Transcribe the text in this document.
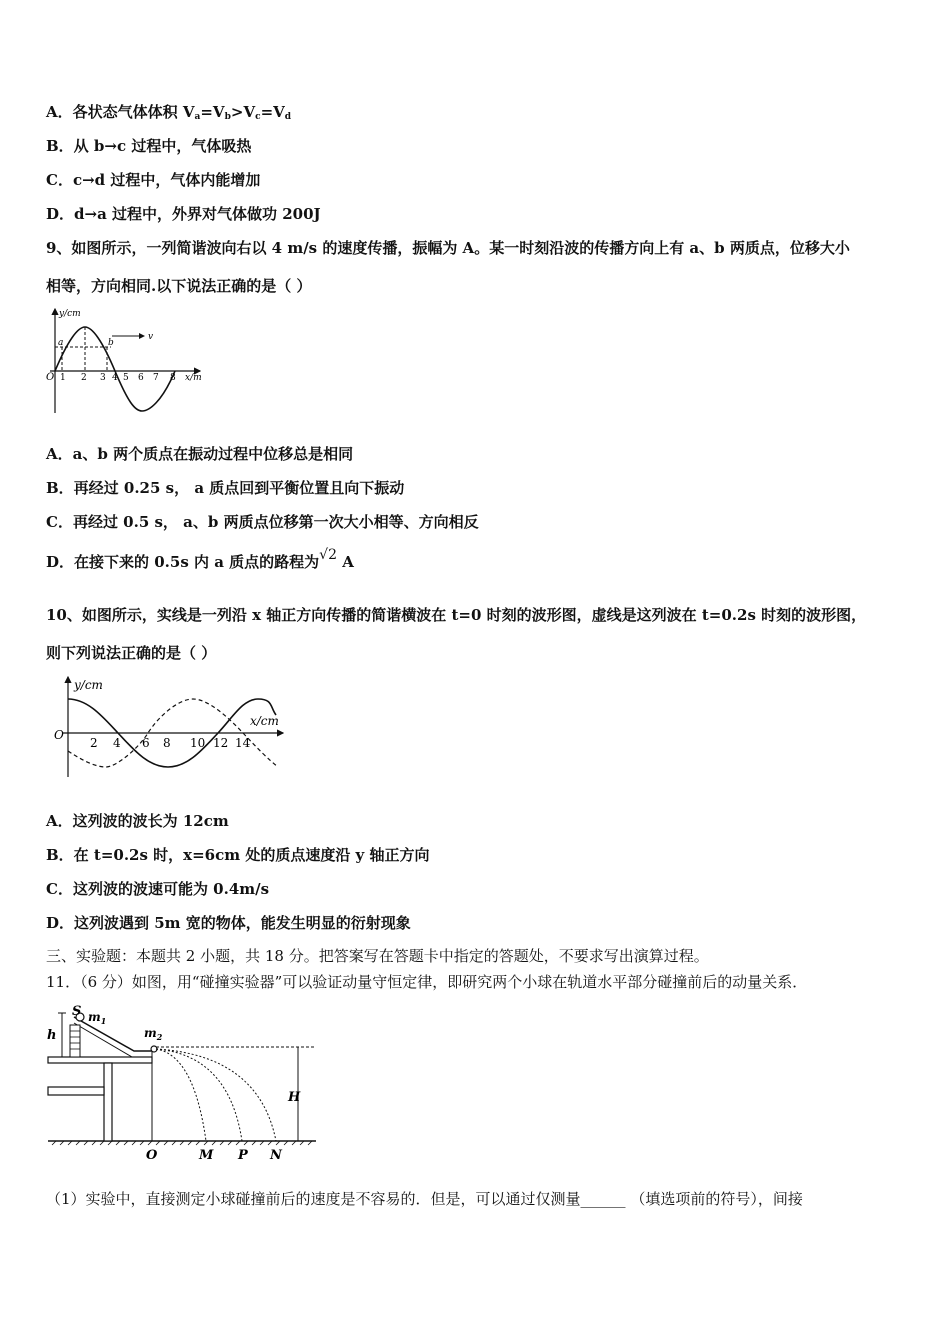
A．各状态气体体积 $V_a=V_b>V_c=V_d$
B．从 b→c 过程中，气体吸热
C．c→d 过程中，气体内能增加
D．d→a 过程中，外界对气体做功 200J
9、如图所示，一列简谐波向右以 4 m/s 的速度传播，振幅为 A。某一时刻沿波的传播方向上有 a、b 两质点，位移大小
相等，方向相同.以下说法正确的是（ ）
v
y/cm
x/m
O
a	b
1 2 3 4 5 6 7 8
A．a、b 两个质点在振动过程中位移总是相同
B．再经过 0.25 s， a 质点回到平衡位置且向下振动
C．再经过 0.5 s， a、b 两质点位移第一次大小相等、方向相反
D．在接下来的 0.5s 内 a 质点的路程为√2 A
10、如图所示，实线是一列沿 x 轴正方向传播的简谐横波在 t=0 时刻的波形图，虚线是这列波在 t=0.2s 时刻的波形图，
则下列说法正确的是（ ）
y/cm
x/cm
O
2 4 6 8 10 12 14
A．这列波的波长为 12cm
B．在 t=0.2s 时，x=6cm 处的质点速度沿 y 轴正方向
C．这列波的波速可能为 0.4m/s
D．这列波遇到 5m 宽的物体，能发生明显的衍射现象
三、实验题：本题共 2 小题，共 18 分。把答案写在答题卡中指定的答题处，不要求写出演算过程。
11．（6 分）如图，用“碰撞实验器”可以验证动量守恒定律，即研究两个小球在轨道水平部分碰撞前后的动量关系．
h
S $m_1$
$m_2$
H
O	M P N
（1）实验中，直接测定小球碰撞前后的速度是不容易的．但是，可以通过仅测量______ （填选项前的符号），间接
